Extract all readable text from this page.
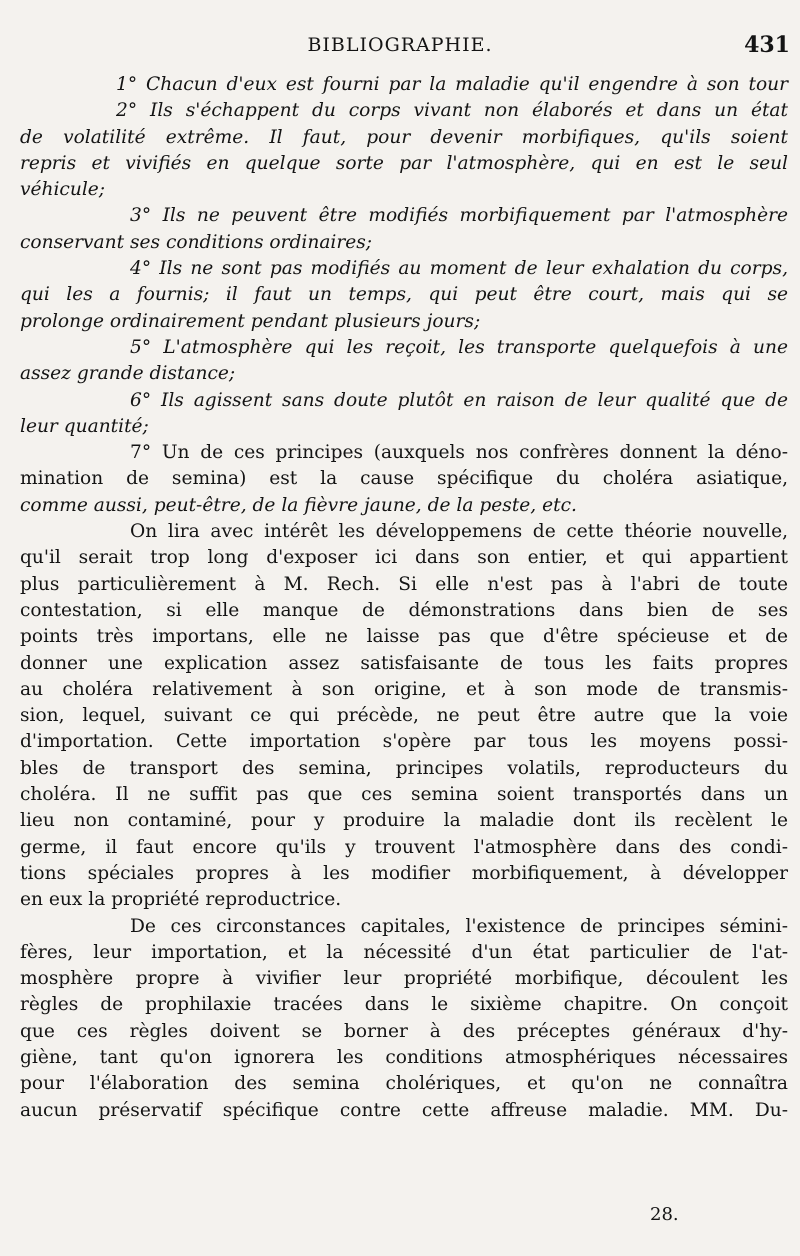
BIBLIOGRAPHIE.	431
1° Chacun d'eux est fourni par la maladie qu'il engendre à son tour
2° Ils s'échappent du corps vivant non élaborés et dans un état
de volatilité extrême. Il faut, pour devenir morbifiques, qu'ils soient
repris et vivifiés en quelque sorte par l'atmosphère, qui en est le seul
véhicule;
3° Ils ne peuvent être modifiés morbifiquement par l'atmosphère
conservant ses conditions ordinaires;
4° Ils ne sont pas modifiés au moment de leur exhalation du corps,
qui les a fournis; il faut un temps, qui peut être court, mais qui se
prolonge ordinairement pendant plusieurs jours;
5° L'atmosphère qui les reçoit, les transporte quelquefois à une
assez grande distance;
6° Ils agissent sans doute plutôt en raison de leur qualité que de
leur quantité;
7° Un de ces principes (auxquels nos confrères donnent la déno-
mination de semina) est la cause spécifique du choléra asiatique,
comme aussi, peut-être, de la fièvre jaune, de la peste, etc.
On lira avec intérêt les développemens de cette théorie nouvelle,
qu'il serait trop long d'exposer ici dans son entier, et qui appartient
plus particulièrement à M. Rech. Si elle n'est pas à l'abri de toute
contestation, si elle manque de démonstrations dans bien de ses
points très importans, elle ne laisse pas que d'être spécieuse et de
donner une explication assez satisfaisante de tous les faits propres
au choléra relativement à son origine, et à son mode de transmis-
sion, lequel, suivant ce qui précède, ne peut être autre que la voie
d'importation. Cette importation s'opère par tous les moyens possi-
bles de transport des semina, principes volatils, reproducteurs du
choléra. Il ne suffit pas que ces semina soient transportés dans un
lieu non contaminé, pour y produire la maladie dont ils recèlent le
germe, il faut encore qu'ils y trouvent l'atmosphère dans des condi-
tions spéciales propres à les modifier morbifiquement, à développer
en eux la propriété reproductrice.
De ces circonstances capitales, l'existence de principes sémini-
fères, leur importation, et la nécessité d'un état particulier de l'at-
mosphère propre à vivifier leur propriété morbifique, découlent les
règles de prophilaxie tracées dans le sixième chapitre. On conçoit
que ces règles doivent se borner à des préceptes généraux d'hy-
giène, tant qu'on ignorera les conditions atmosphériques nécessaires
pour l'élaboration des semina cholériques, et qu'on ne connaîtra
aucun préservatif spécifique contre cette affreuse maladie. MM. Du-
28.
